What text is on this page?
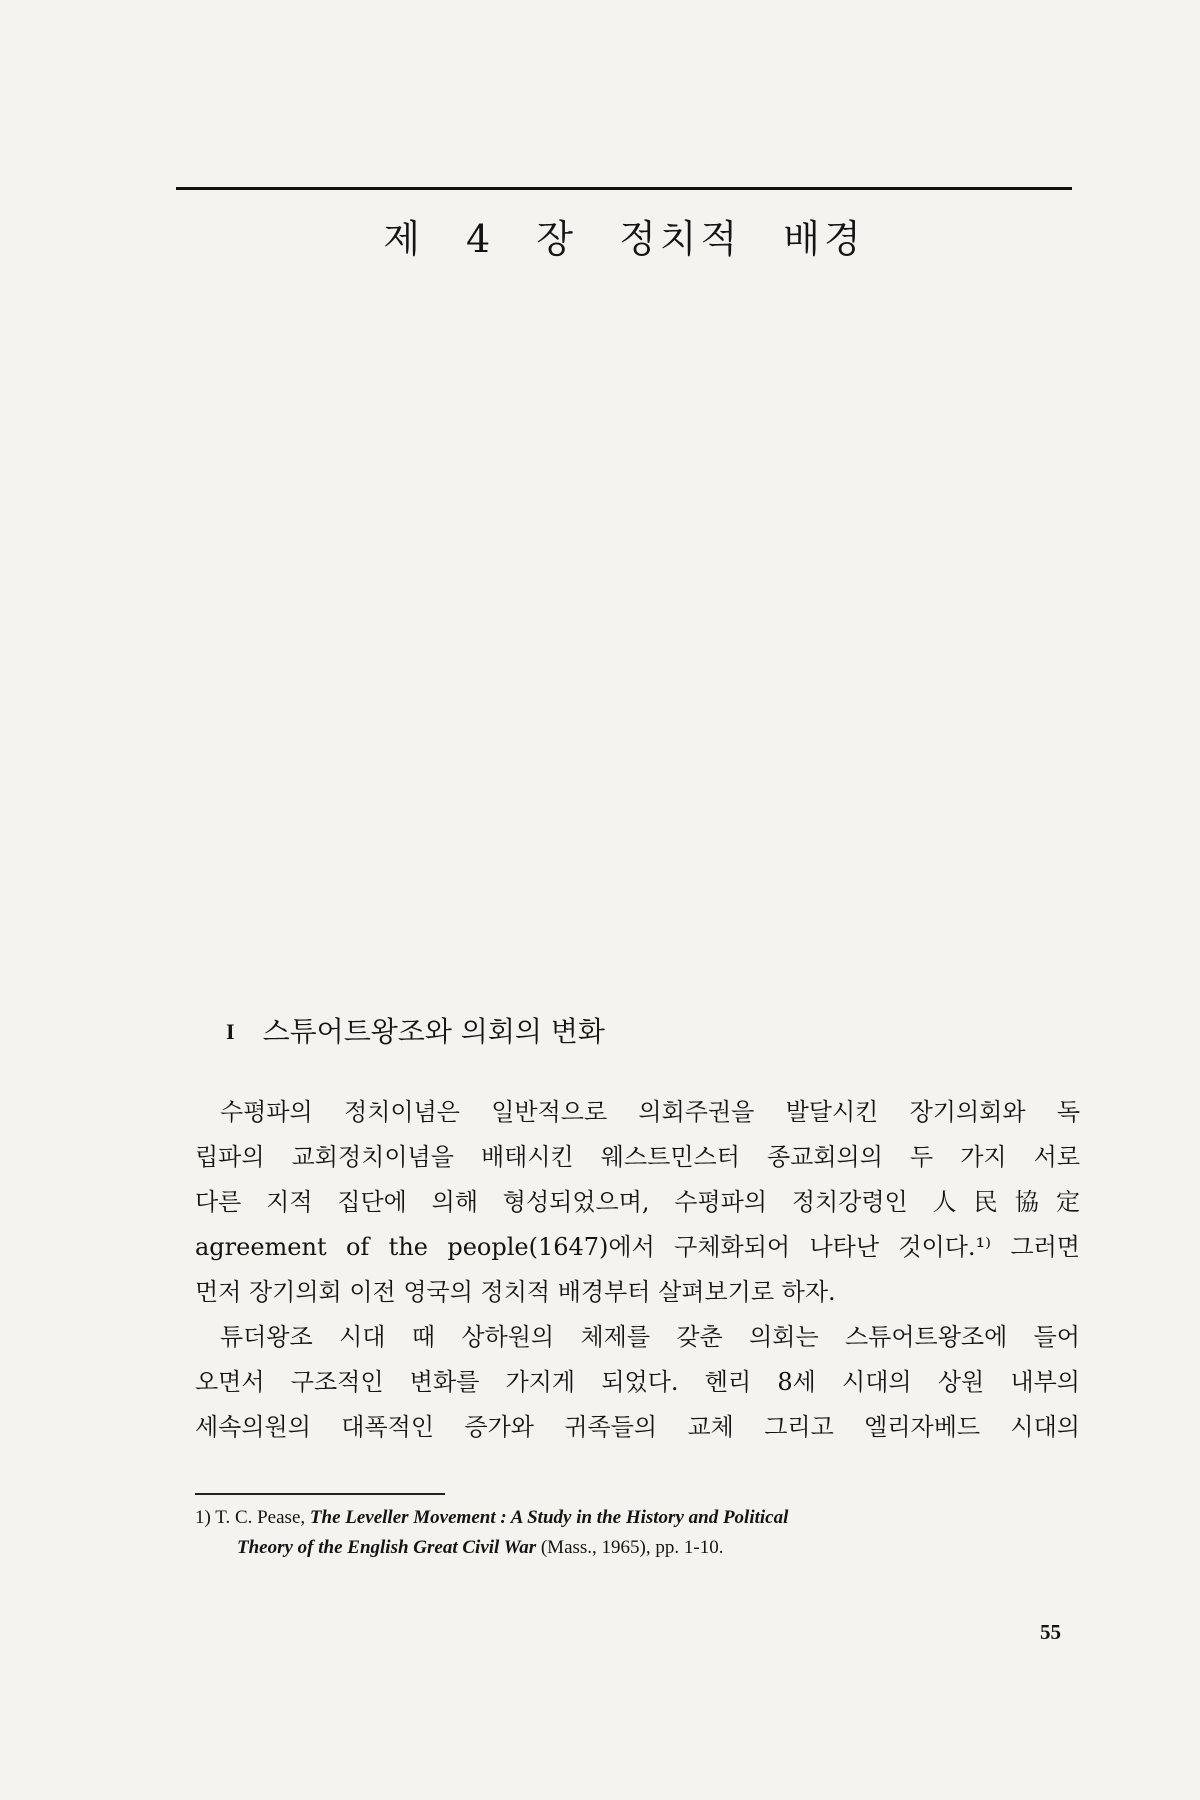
제 4 장 정치적 배경
I 스튜어트왕조와 의회의 변화
수평파의 정치이념은 일반적으로 의회주권을 발달시킨 장기의회와 독
립파의 교회정치이념을 배태시킨 웨스트민스터 종교회의의 두 가지 서로
다른 지적 집단에 의해 형성되었으며, 수평파의 정치강령인 人民協定
agreement of the people(1647)에서 구체화되어 나타난 것이다.¹⁾ 그러면
먼저 장기의회 이전 영국의 정치적 배경부터 살펴보기로 하자.
튜더왕조 시대 때 상하원의 체제를 갖춘 의회는 스튜어트왕조에 들어
오면서 구조적인 변화를 가지게 되었다. 헨리 8세 시대의 상원 내부의
세속의원의 대폭적인 증가와 귀족들의 교체 그리고 엘리자베드 시대의
1) T. C. Pease, The Leveller Movement : A Study in the History and Political
Theory of the English Great Civil War (Mass., 1965), pp. 1-10.
55
